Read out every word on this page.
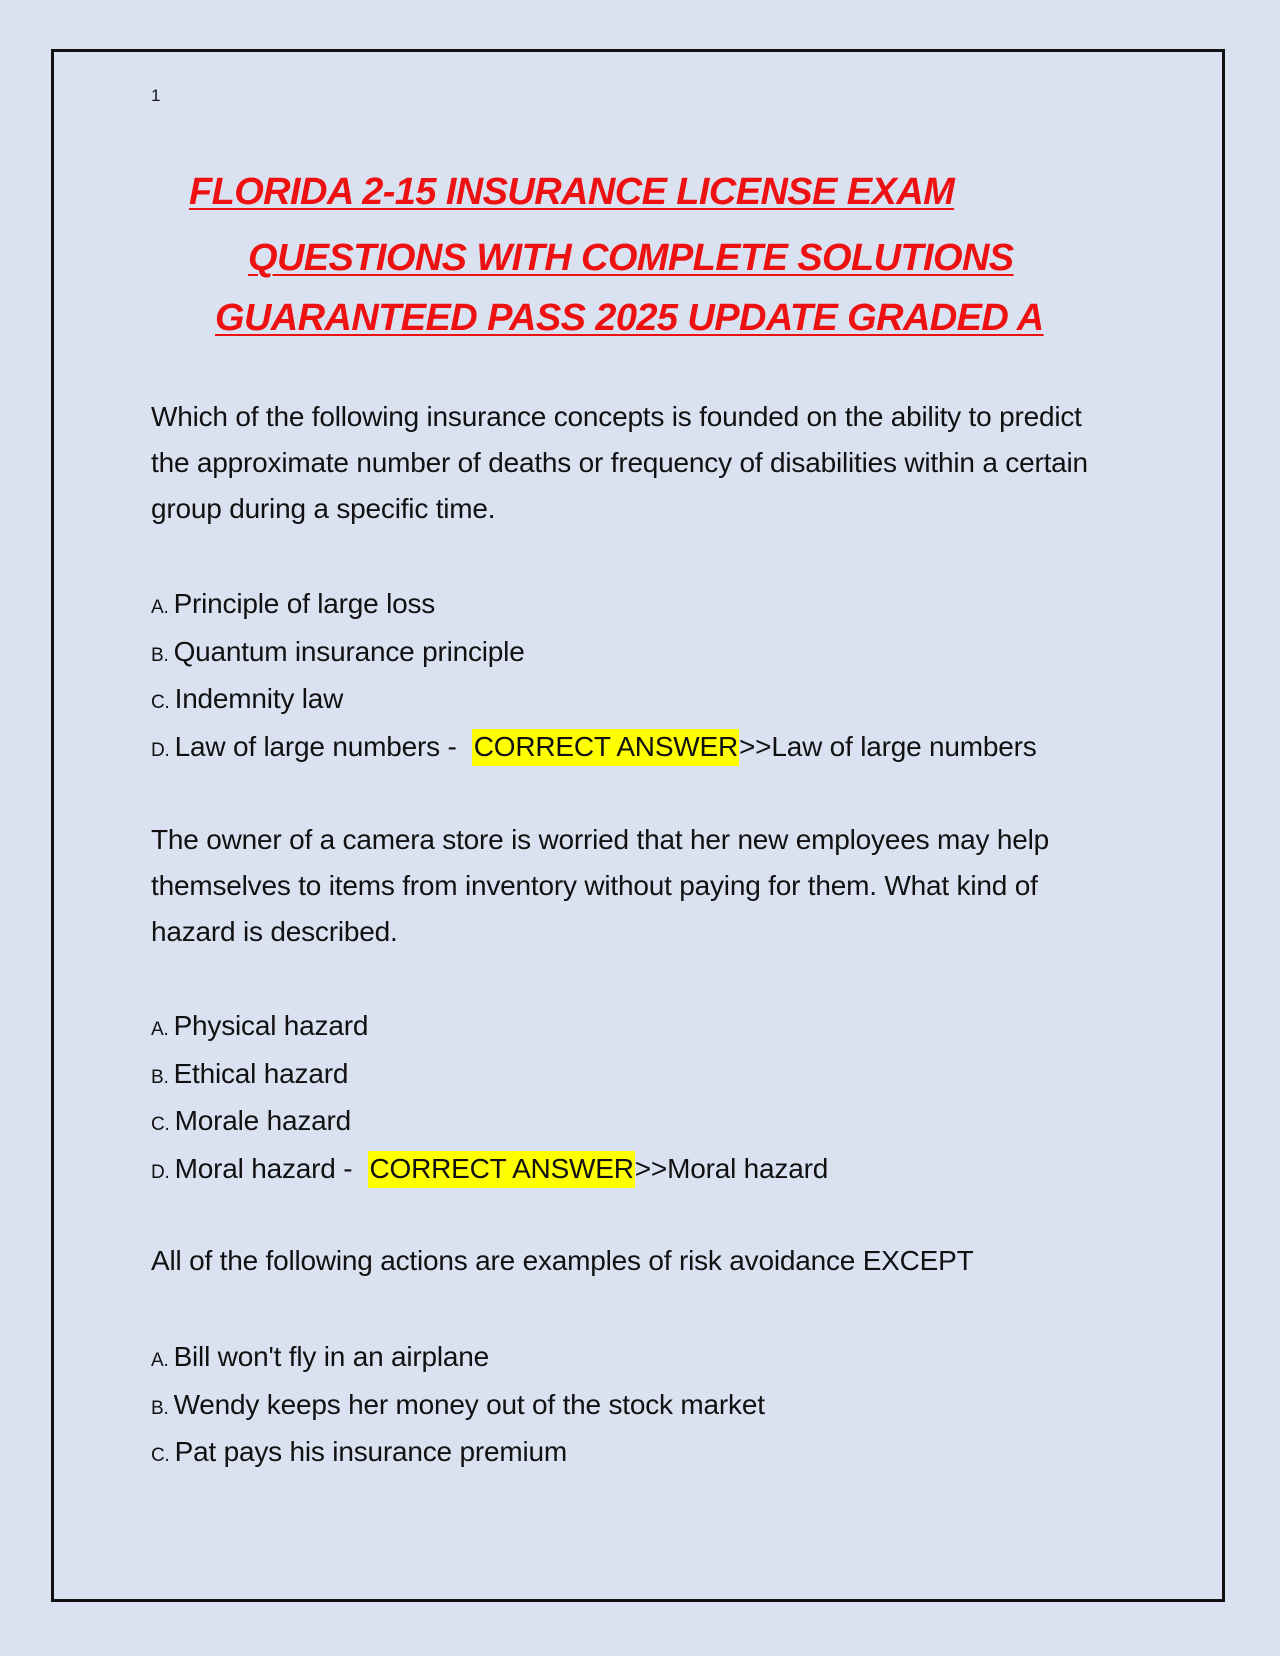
1
FLORIDA 2-15 INSURANCE LICENSE EXAM
QUESTIONS WITH COMPLETE SOLUTIONS
GUARANTEED PASS 2025 UPDATE GRADED A

Which of the following insurance concepts is founded on the ability to predict the approximate number of deaths or frequency of disabilities within a certain group during a specific time.

A. Principle of large loss
B. Quantum insurance principle
C. Indemnity law
D. Law of large numbers -  CORRECT ANSWER>>Law of large numbers

The owner of a camera store is worried that her new employees may help themselves to items from inventory without paying for them. What kind of hazard is described.

A. Physical hazard
B. Ethical hazard
C. Morale hazard
D. Moral hazard -  CORRECT ANSWER>>Moral hazard

All of the following actions are examples of risk avoidance EXCEPT

A. Bill won't fly in an airplane
B. Wendy keeps her money out of the stock market
C. Pat pays his insurance premium
